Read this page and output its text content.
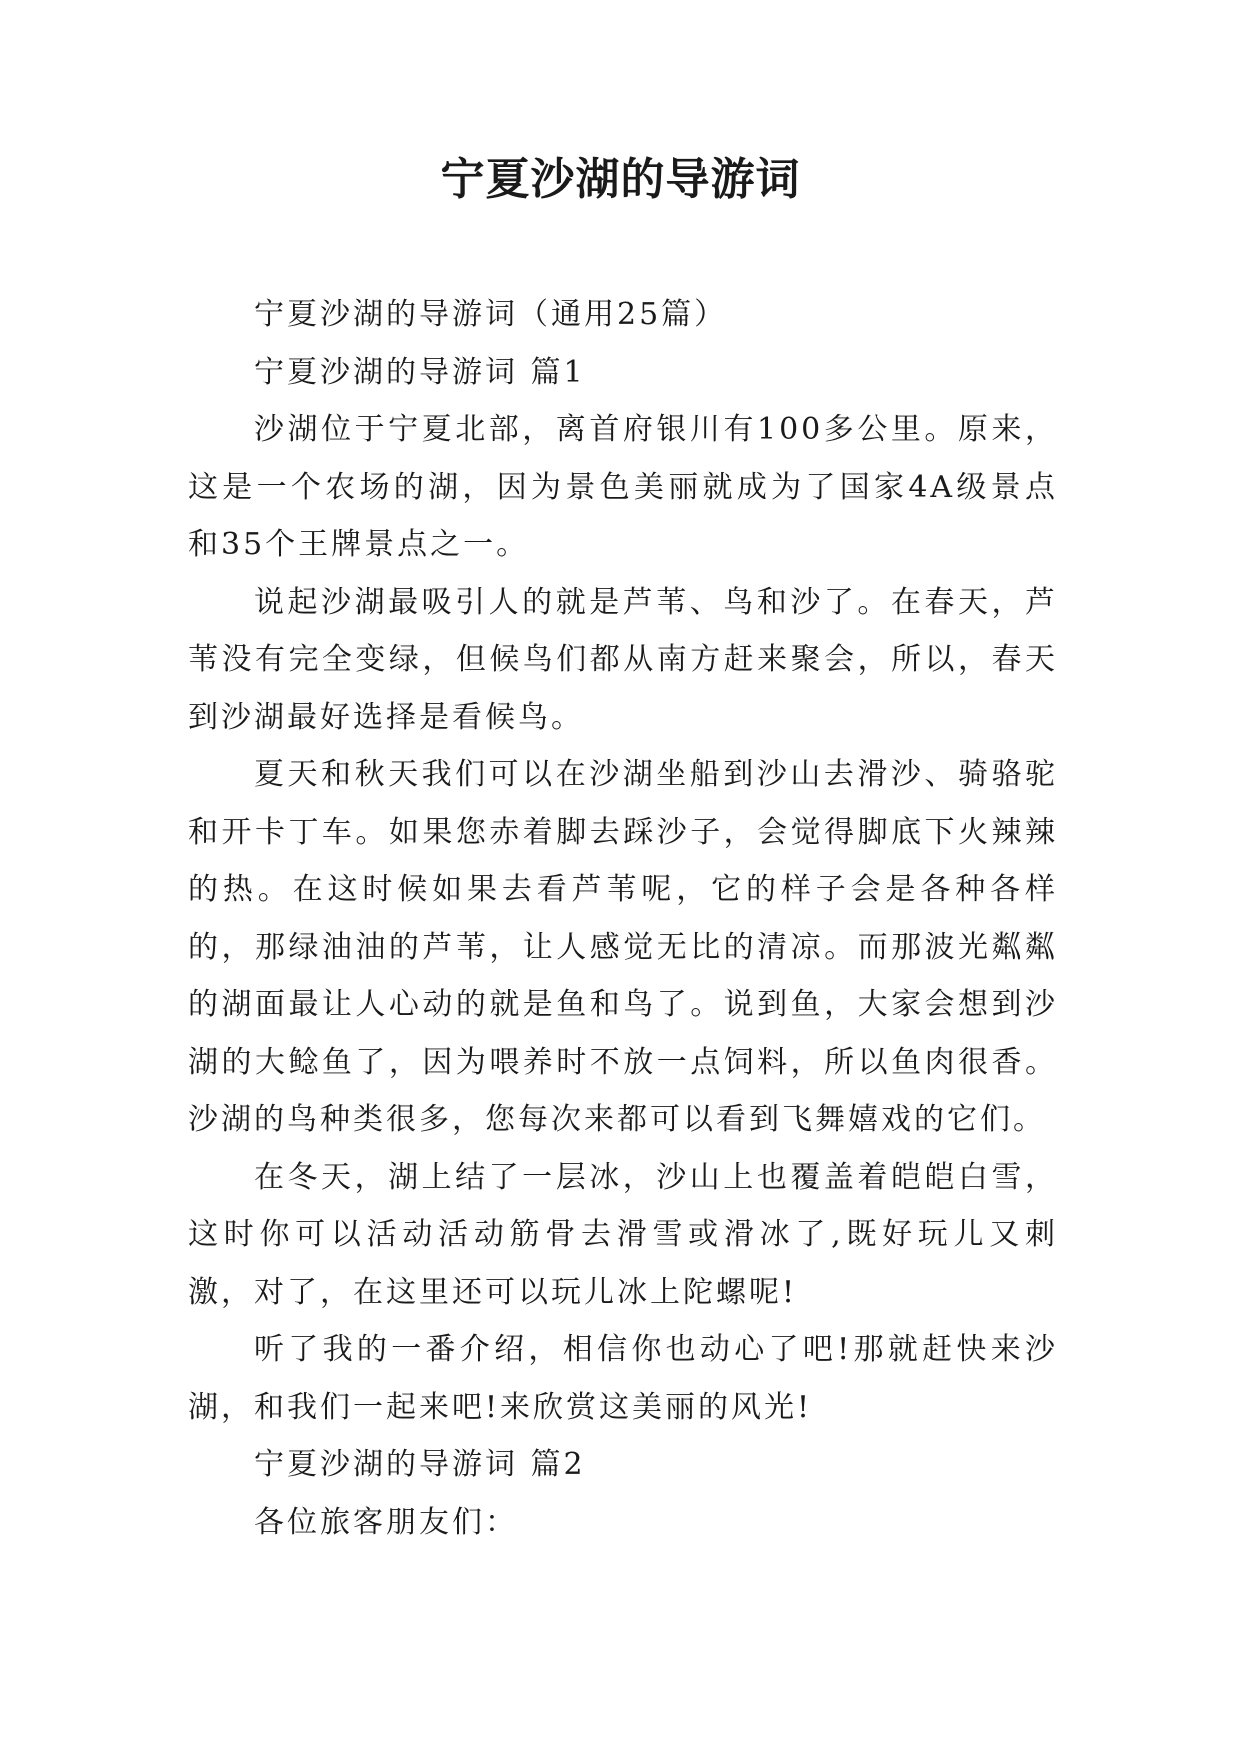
宁夏沙湖的导游词

宁夏沙湖的导游词（通用25篇）

宁夏沙湖的导游词 篇1

沙湖位于宁夏北部，离首府银川有100多公里。原来，这是一个农场的湖，因为景色美丽就成为了国家4A级景点和35个王牌景点之一。

说起沙湖最吸引人的就是芦苇、鸟和沙了。在春天，芦苇没有完全变绿，但候鸟们都从南方赶来聚会，所以，春天到沙湖最好选择是看候鸟。

夏天和秋天我们可以在沙湖坐船到沙山去滑沙、骑骆驼和开卡丁车。如果您赤着脚去踩沙子，会觉得脚底下火辣辣的热。在这时候如果去看芦苇呢，它的样子会是各种各样的，那绿油油的芦苇，让人感觉无比的清凉。而那波光粼粼的湖面最让人心动的就是鱼和鸟了。说到鱼，大家会想到沙湖的大鲶鱼了，因为喂养时不放一点饲料，所以鱼肉很香。沙湖的鸟种类很多，您每次来都可以看到飞舞嬉戏的它们。

在冬天，湖上结了一层冰，沙山上也覆盖着皑皑白雪，这时你可以活动活动筋骨去滑雪或滑冰了,既好玩儿又刺激，对了，在这里还可以玩儿冰上陀螺呢!

听了我的一番介绍，相信你也动心了吧!那就赶快来沙湖，和我们一起来吧!来欣赏这美丽的风光!

宁夏沙湖的导游词 篇2

各位旅客朋友们：
